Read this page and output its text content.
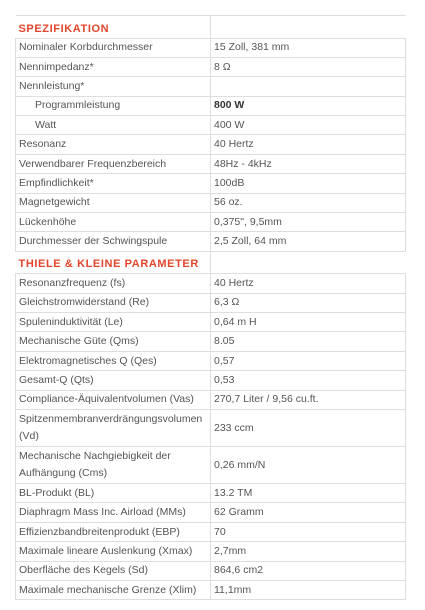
SPEZIFIKATION	
Nominaler Korbdurchmesser	15 Zoll, 381 mm
Nennimpedanz*	8 Ω
Nennleistung*	
Programmleistung	800 W
Watt	400 W
Resonanz	40 Hertz
Verwendbarer Frequenzbereich	48Hz - 4kHz
Empfindlichkeit*	100dB
Magnetgewicht	56 oz.
Lückenhöhe	0,375", 9,5mm
Durchmesser der Schwingspule	2,5 Zoll, 64 mm
THIELE & KLEINE PARAMETER	
Resonanzfrequenz (fs)	40 Hertz
Gleichstromwiderstand (Re)	6,3 Ω
Spuleninduktivität (Le)	0,64 m H
Mechanische Güte (Qms)	8.05
Elektromagnetisches Q (Qes)	0,57
Gesamt-Q (Qts)	0,53
Compliance-Äquivalentvolumen (Vas)	270,7 Liter / 9,56 cu.ft.
Spitzenmembranverdrängungsvolumen (Vd)	233 ccm
Mechanische Nachgiebigkeit der Aufhängung (Cms)	0,26 mm/N
BL-Produkt (BL)	13.2 TM
Diaphragm Mass Inc. Airload (MMs)	62 Gramm
Effizienzbandbreitenprodukt (EBP)	70
Maximale lineare Auslenkung (Xmax)	2,7mm
Oberfläche des Kegels (Sd)	864,6 cm2
Maximale mechanische Grenze (Xlim)	11,1mm
